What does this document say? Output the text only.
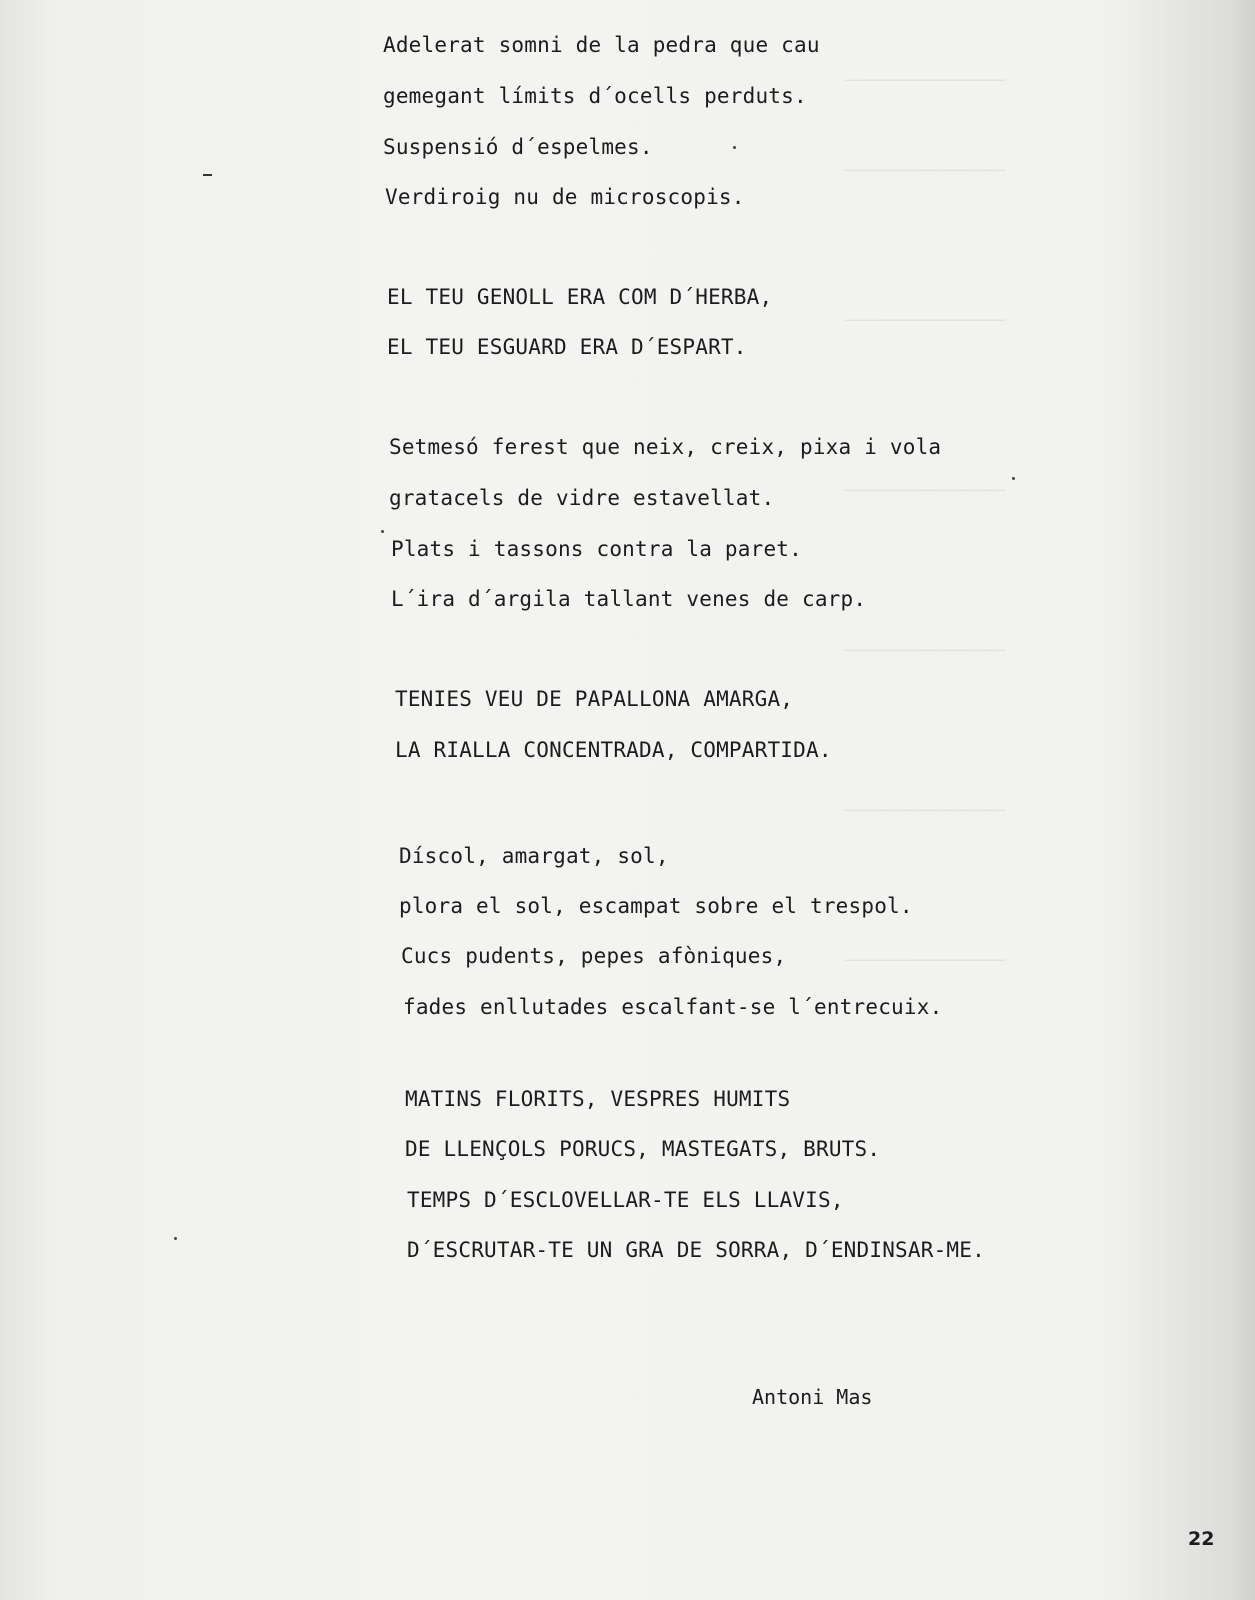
──────────────
──────────────
──────────────
──────────────
──────────────
──────────────
──────────────
Adelerat somni de la pedra que cau
gemegant límits d´ocells perduts.
Suspensió d´espelmes.
Verdiroig nu de microscopis.
EL TEU GENOLL ERA COM D´HERBA,
EL TEU ESGUARD ERA D´ESPART.
Setmesó ferest que neix, creix, pixa i vola
gratacels de vidre estavellat.
Plats i tassons contra la paret.
L´ira d´argila tallant venes de carp.
TENIES VEU DE PAPALLONA AMARGA,
LA RIALLA CONCENTRADA, COMPARTIDA.
Díscol, amargat, sol,
plora el sol, escampat sobre el trespol.
Cucs pudents, pepes afòniques,
fades enllutades escalfant-se l´entrecuix.
MATINS FLORITS, VESPRES HUMITS
DE LLENÇOLS PORUCS, MASTEGATS, BRUTS.
TEMPS D´ESCLOVELLAR-TE ELS LLAVIS,
D´ESCRUTAR-TE UN GRA DE SORRA, D´ENDINSAR-ME.
Antoni Mas
22
